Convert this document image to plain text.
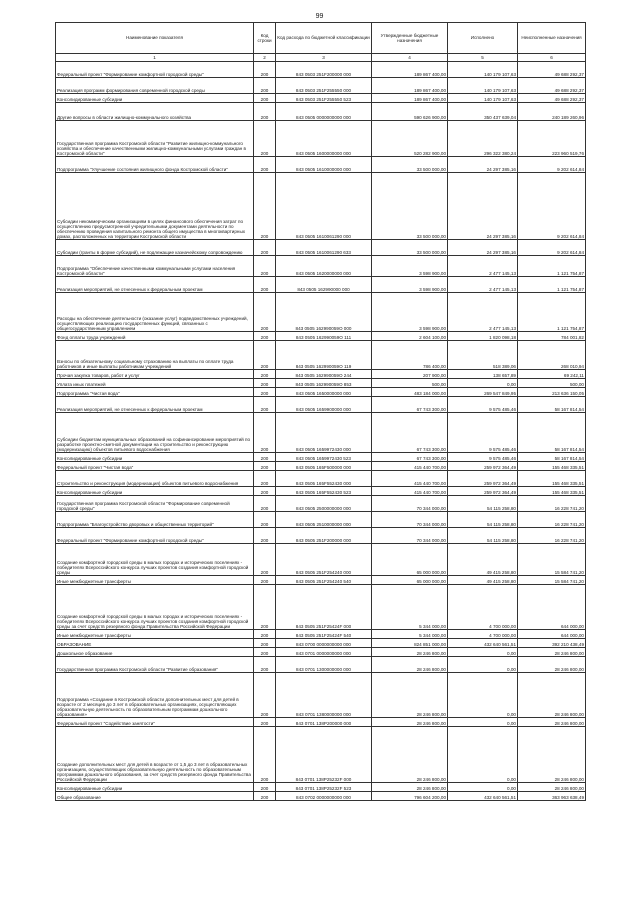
99
Наименование показателя	Код строки	Код расхода по бюджетной классификации	Утвержденные бюджетные назначения	Исполнено	Неисполненные назначения
1	2	3	4	5	6
Федеральный проект "Формирование комфортной городской среды"	200	843 0503 251F200000 000	189 867 400,00	140 179 107,63	49 688 292,37
Реализация программ формирования современной городской среды	200	843 0503 251F255550 000	189 867 400,00	140 179 107,63	49 688 292,37
Консолидированные субсидии	200	843 0503 251F255550 523	189 867 400,00	140 179 107,63	49 688 292,37
Другие вопросы в области жилищно-коммунального хозяйства	200	843 0505 0000000000 000	590 626 900,00	350 437 639,04	240 189 260,96
Государственная программа Костромской области "Развитие жилищно-коммунального хозяйства и обеспечение качественными жилищно-коммунальными услугами граждан в Костромской области"	200	843 0505 1600000000 000	520 282 900,00	296 322 380,24	223 960 519,76
Подпрограмма "Улучшение состояния жилищного фонда Костромской области"	200	843 0505 1610000000 000	33 500 000,00	24 297 385,16	9 202 614,84
Субсидии некоммерческим организациям в целях финансового обеспечения затрат по осуществлению предусмотренной учредительными документами деятельности по обеспечению проведения капитального ремонта общего имущества в многоквартирных домах, расположенных на территории Костромской области	200	843 0505 1610061290 000	33 500 000,00	24 297 385,16	9 202 614,84
Субсидии (гранты в форме субсидий), не подлежащие казначейскому сопровождению	200	843 0505 1610061290 633	33 500 000,00	24 297 385,16	9 202 614,84
Подпрограмма "Обеспечение качественными коммунальными услугами населения Костромской области"	200	843 0505 1620000000 000	3 598 900,00	2 477 145,13	1 121 754,87
Реализация мероприятий, не отнесенных к федеральным проектам	200	843 0505 162990000 000	3 598 900,00	2 477 145,13	1 121 754,87
Расходы на обеспечение деятельности (оказание услуг) подведомственных учреждений, осуществляющих реализацию государственных функций, связанных с общегосударственным управлением	200	843 0505 162990059О 000	3 598 900,00	2 477 145,13	1 121 754,87
Фонд оплаты труда учреждений	200	843 0505 162990059О 111	2 604 100,00	1 820 098,18	784 001,82
Взносы по обязательному социальному страхованию на выплаты по оплате труда работников и иные выплаты работникам учреждений	200	843 0505 162990059О 119	786 400,00	518 389,06	268 010,94
Прочая закупка товаров, работ и услуг	200	843 0505 162990059О 244	207 900,00	138 657,89	69 242,11
Уплата иных платежей	200	843 0505 162990059О 853	500,00	0,00	500,00
Подпрограмма "Чистая вода"	200	843 0505 1650000000 000	483 184 000,00	269 547 849,95	213 636 150,05
Реализация мероприятий, не отнесенных к федеральным проектам	200	843 0505 1659900000 000	67 743 300,00	9 575 485,46	58 167 814,54
Субсидии бюджетам муниципальных образований на софинансирование мероприятий по разработке проектно-сметной документации на строительство и реконструкцию (модернизацию) объектов питьевого водоснабжения	200	843 0505 1659972430 000	67 743 300,00	9 575 485,46	58 167 814,54
Консолидированные субсидии	200	843 0505 1659972430 523	67 743 300,00	9 575 485,46	58 167 814,54
Федеральный проект "Чистая вода"	200	843 0505 165F500000 000	415 440 700,00	259 972 364,49	155 468 335,51
Строительство и реконструкция (модернизация) объектов питьевого водоснабжения	200	843 0505 165F552430 000	415 440 700,00	259 972 364,49	155 468 335,51
Консолидированные субсидии	200	843 0505 165F552430 523	415 440 700,00	259 972 364,49	155 468 335,51
Государственная программа Костромской области "Формирование современной городской среды"	200	843 0505 2500000000 000	70 344 000,00	54 115 258,80	16 228 741,20
Подпрограмма "Благоустройство дворовых и общественных территорий"	200	843 0505 2510000000 000	70 344 000,00	54 115 258,80	16 228 741,20
Федеральный проект "Формирование комфортной городской среды"	200	843 0505 251F200000 000	70 344 000,00	54 115 258,80	16 228 741,20
Создание комфортной городской среды в малых городах и исторических поселениях - победителях Всероссийского конкурса лучших проектов создания комфортной городской среды	200	843 0505 251F254240 000	65 000 000,00	49 415 258,80	15 584 741,20
Иные межбюджетные трансферты	200	843 0505 251F254240 540	65 000 000,00	49 415 258,80	15 584 741,20
Создание комфортной городской среды в малых городах и исторических поселениях - победителях Всероссийского конкурса лучших проектов создания комфортной городской среды за счет средств резервного фонда Правительства Российской Федерации	200	843 0505 251F25424F 000	5 344 000,00	4 700 000,00	644 000,00
Иные межбюджетные трансферты	200	843 0505 251F25424F 540	5 344 000,00	4 700 000,00	644 000,00
ОБРАЗОВАНИЕ	200	843 0700 0000000000 000	824 851 000,00	432 640 561,51	392 210 438,49
Дошкольное образование	200	843 0701 0000000000 000	28 246 800,00	0,00	28 246 800,00
Государственная программа Костромской области "Развитие образования"	200	843 0701 1300000000 000	28 246 800,00	0,00	28 246 800,00
Подпрограмма «Создание в Костромской области дополнительных мест для детей в возрасте от 2 месяцев до 3 лет в образовательных организациях, осуществляющих образовательную деятельность по образовательным программам дошкольного образования»	200	843 0701 1380000000 000	28 246 800,00	0,00	28 246 800,00
Федеральный проект "Содействие занятости"	200	843 0701 138P200000 000	28 246 800,00	0,00	28 246 800,00
Создание дополнительных мест для детей в возрасте от 1,5 до 3 лет в образовательных организациях, осуществляющих образовательную деятельность по образовательным программам дошкольного образования, за счет средств резервного фонда Правительства Российской Федерации	200	843 0701 138P25232F 000	28 246 800,00	0,00	28 246 800,00
Консолидированные субсидии	200	843 0701 138P25232F 523	28 246 800,00	0,00	28 246 800,00
Общее образование	200	843 0702 0000000000 000	796 604 200,00	432 640 561,51	363 963 638,49
